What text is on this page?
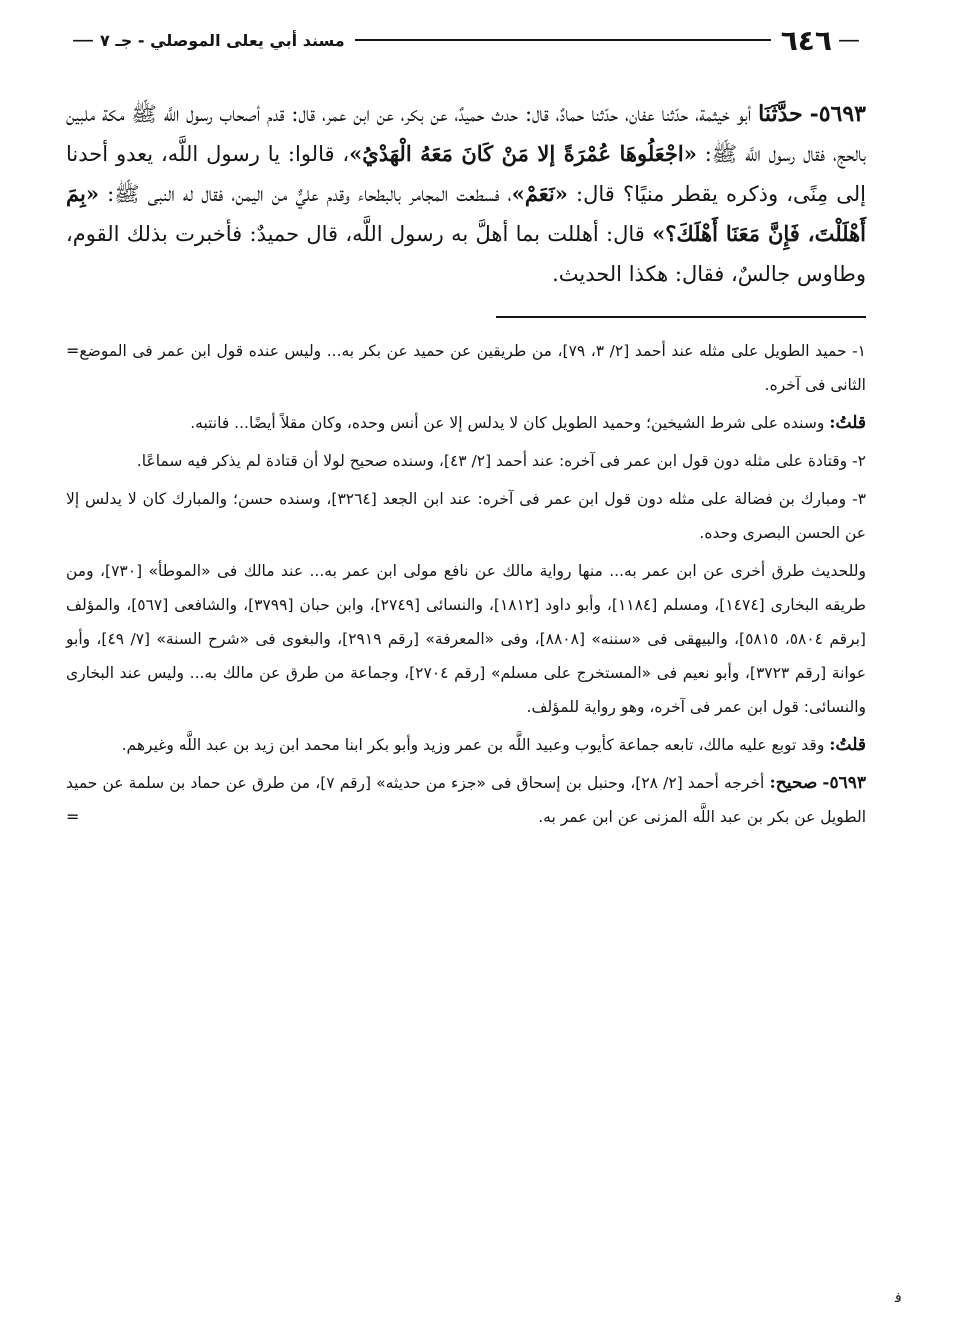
—
٦٤٦
مسند أبي يعلى الموصلي - جـ ٧
—

٥٦٩٣- حدَّثَنَا أبو خيثمة، حدّثنا عفان، حدّثنا حمادٌ، قال: حدث حميدٌ، عن بكر، عن ابن عمر، قال: قدم أصحاب رسول اللَّه ﷺ مكة ملبين بالحج، فقال رسول اللَّه ﷺ: «اجْعَلُوهَا عُمْرَةً إلا مَنْ كَانَ مَعَهُ الْهَدْيُ»، قالوا: يا رسول اللَّه، يعدو أحدنا إلى مِنًى، وذكره يقطر منيًا؟ قال: «نَعَمْ»، فسطعت المجامر بالبطحاء وقدم عليٌّ من اليمن، فقال له النبى ﷺ: «بِمَ أَهْلَلْتَ، فَإِنَّ مَعَنَا أَهْلَكَ؟» قال: أهللت بما أهلَّ به رسول اللَّه، قال حميدٌ: فأخبرت بذلك القوم، وطاوس جالسٌ، فقال: هكذا الحديث.

= ١- حميد الطويل على مثله عند أحمد [٢/ ٣، ٧٩]، من طريقين عن حميد عن بكر به... وليس عنده قول ابن عمر فى الموضع الثانى فى آخره.

قلتُ: وسنده على شرط الشيخين؛ وحميد الطويل كان لا يدلس إلا عن أنس وحده، وكان مقلاً أيضًا... فانتبه.

٢- وقتادة على مثله دون قول ابن عمر فى آخره: عند أحمد [٢/ ٤٣]، وسنده صحيح لولا أن قتادة لم يذكر فيه سماعًا.

٣- ومبارك بن فضالة على مثله دون قول ابن عمر فى آخره: عند ابن الجعد [٣٢٦٤]، وسنده حسن؛ والمبارك كان لا يدلس إلا عن الحسن البصرى وحده.

وللحديث طرق أخرى عن ابن عمر به... منها رواية مالك عن نافع مولى ابن عمر به... عند مالك فى «الموطأ» [٧٣٠]، ومن طريقه البخارى [١٤٧٤]، ومسلم [١١٨٤]، وأبو داود [١٨١٢]، والنسائى [٢٧٤٩]، وابن حبان [٣٧٩٩]، والشافعى [٥٦٧]، والمؤلف [برقم ٥٨٠٤، ٥٨١٥]، والبيهقى فى «سننه» [٨٨٠٨]، وفى «المعرفة» [رقم ٢٩١٩]، والبغوى فى «شرح السنة» [٧/ ٤٩]، وأبو عوانة [رقم ٣٧٢٣]، وأبو نعيم فى «المستخرج على مسلم» [رقم ٢٧٠٤]، وجماعة من طرق عن مالك به... وليس عند البخارى والنسائى: قول ابن عمر فى آخره، وهو رواية للمؤلف.

قلتُ: وقد توبع عليه مالك، تابعه جماعة كأيوب وعبيد اللَّه بن عمر وزيد وأبو بكر ابنا محمد ابن زيد بن عبد اللَّه وغيرهم.

٥٦٩٣- صحيح: أخرجه أحمد [٢/ ٢٨]، وحنبل بن إسحاق فى «جزء من حديثه» [رقم ٧]، من طرق عن حماد بن سلمة عن حميد الطويل عن بكر بن عبد اللَّه المزنى عن ابن عمر به.
=

ﻓ
